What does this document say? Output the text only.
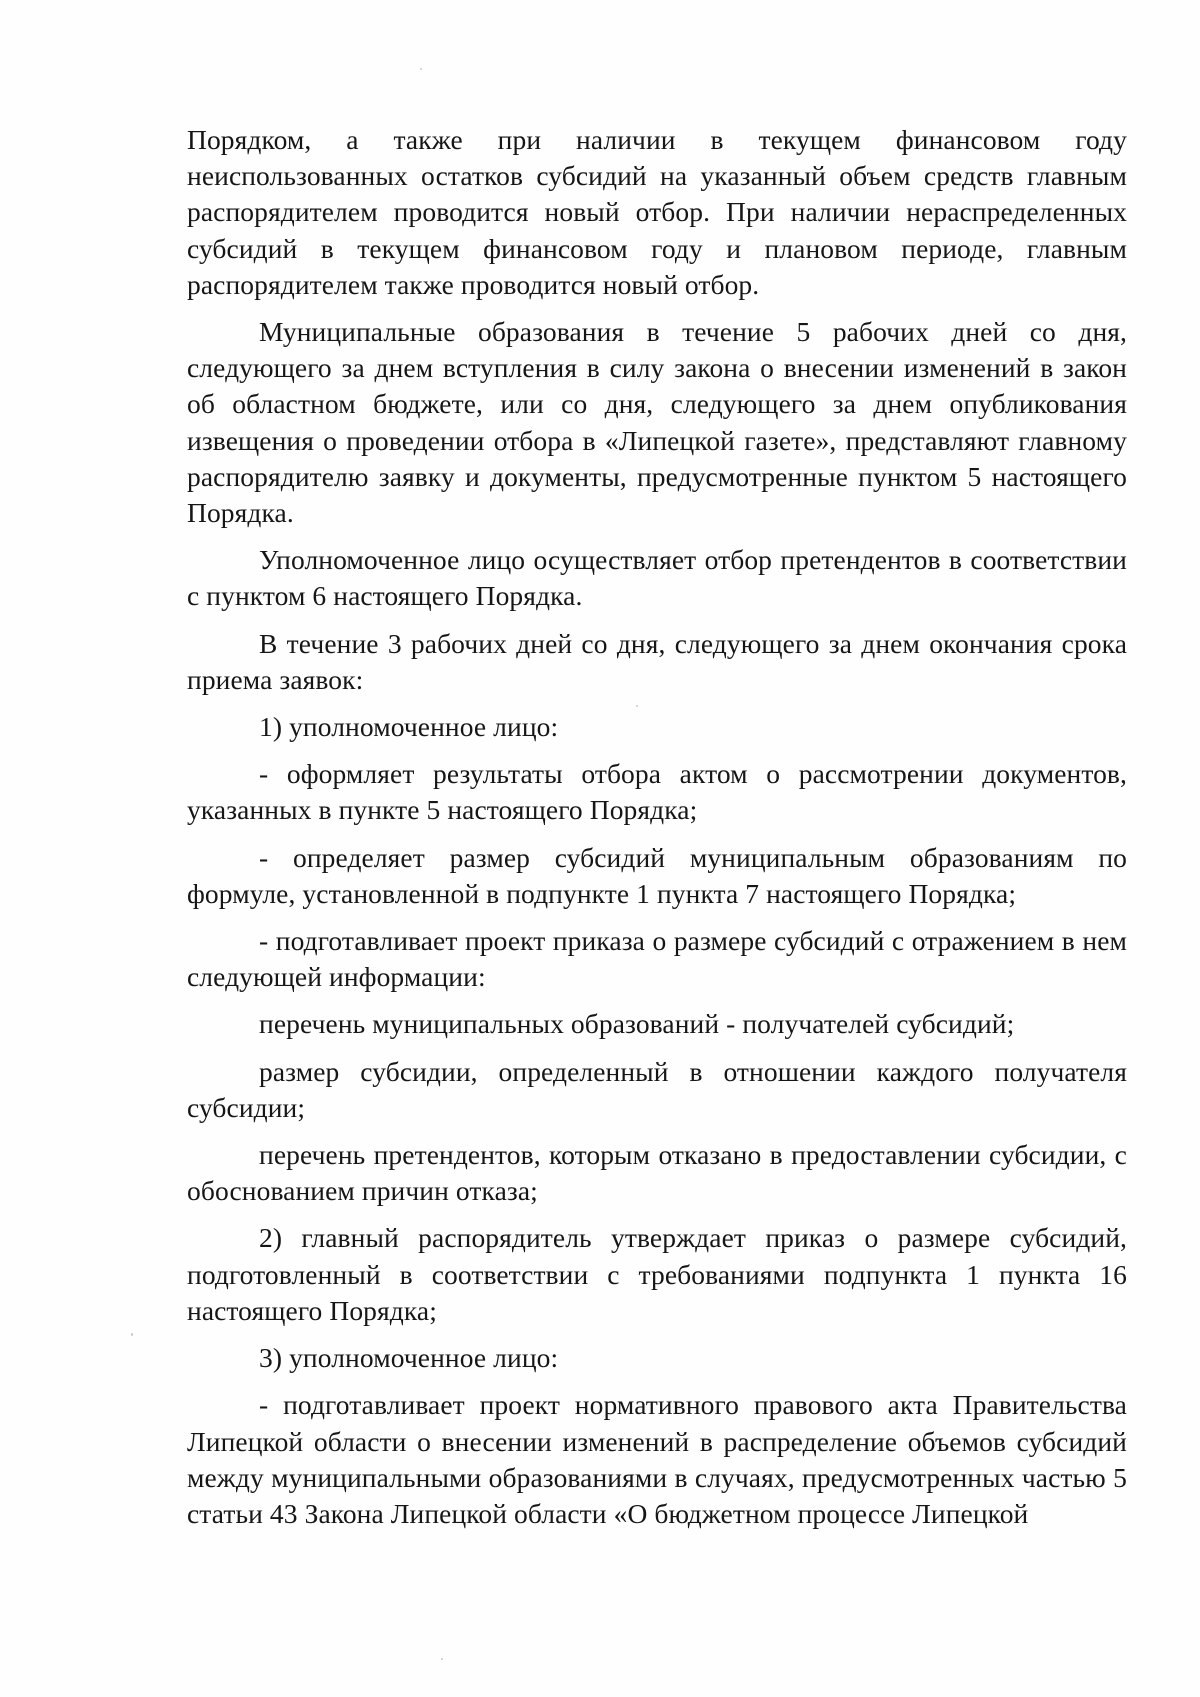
Порядком, а также при наличии в текущем финансовом году неиспользованных остатков субсидий на указанный объем средств главным распорядителем проводится новый отбор. При наличии нераспределенных субсидий в текущем финансовом году и плановом периоде, главным распорядителем также проводится новый отбор.

Муниципальные образования в течение 5 рабочих дней со дня, следующего за днем вступления в силу закона о внесении изменений в закон об областном бюджете, или со дня, следующего за днем опубликования извещения о проведении отбора в «Липецкой газете», представляют главному распорядителю заявку и документы, предусмотренные пунктом 5 настоящего Порядка.

Уполномоченное лицо осуществляет отбор претендентов в соответствии с пунктом 6 настоящего Порядка.

В течение 3 рабочих дней со дня, следующего за днем окончания срока приема заявок:

1) уполномоченное лицо:

- оформляет результаты отбора актом о рассмотрении документов, указанных в пункте 5 настоящего Порядка;

- определяет размер субсидий муниципальным образованиям по формуле, установленной в подпункте 1 пункта 7 настоящего Порядка;

- подготавливает проект приказа о размере субсидий с отражением в нем следующей информации:

перечень муниципальных образований - получателей субсидий;

размер субсидии, определенный в отношении каждого получателя субсидии;

перечень претендентов, которым отказано в предоставлении субсидии, с обоснованием причин отказа;

2) главный распорядитель утверждает приказ о размере субсидий, подготовленный в соответствии с требованиями подпункта 1 пункта 16 настоящего Порядка;

3) уполномоченное лицо:

- подготавливает проект нормативного правового акта Правительства Липецкой области о внесении изменений в распределение объемов субсидий между муниципальными образованиями в случаях, предусмотренных частью 5 статьи 43 Закона Липецкой области «О бюджетном процессе Липецкой
